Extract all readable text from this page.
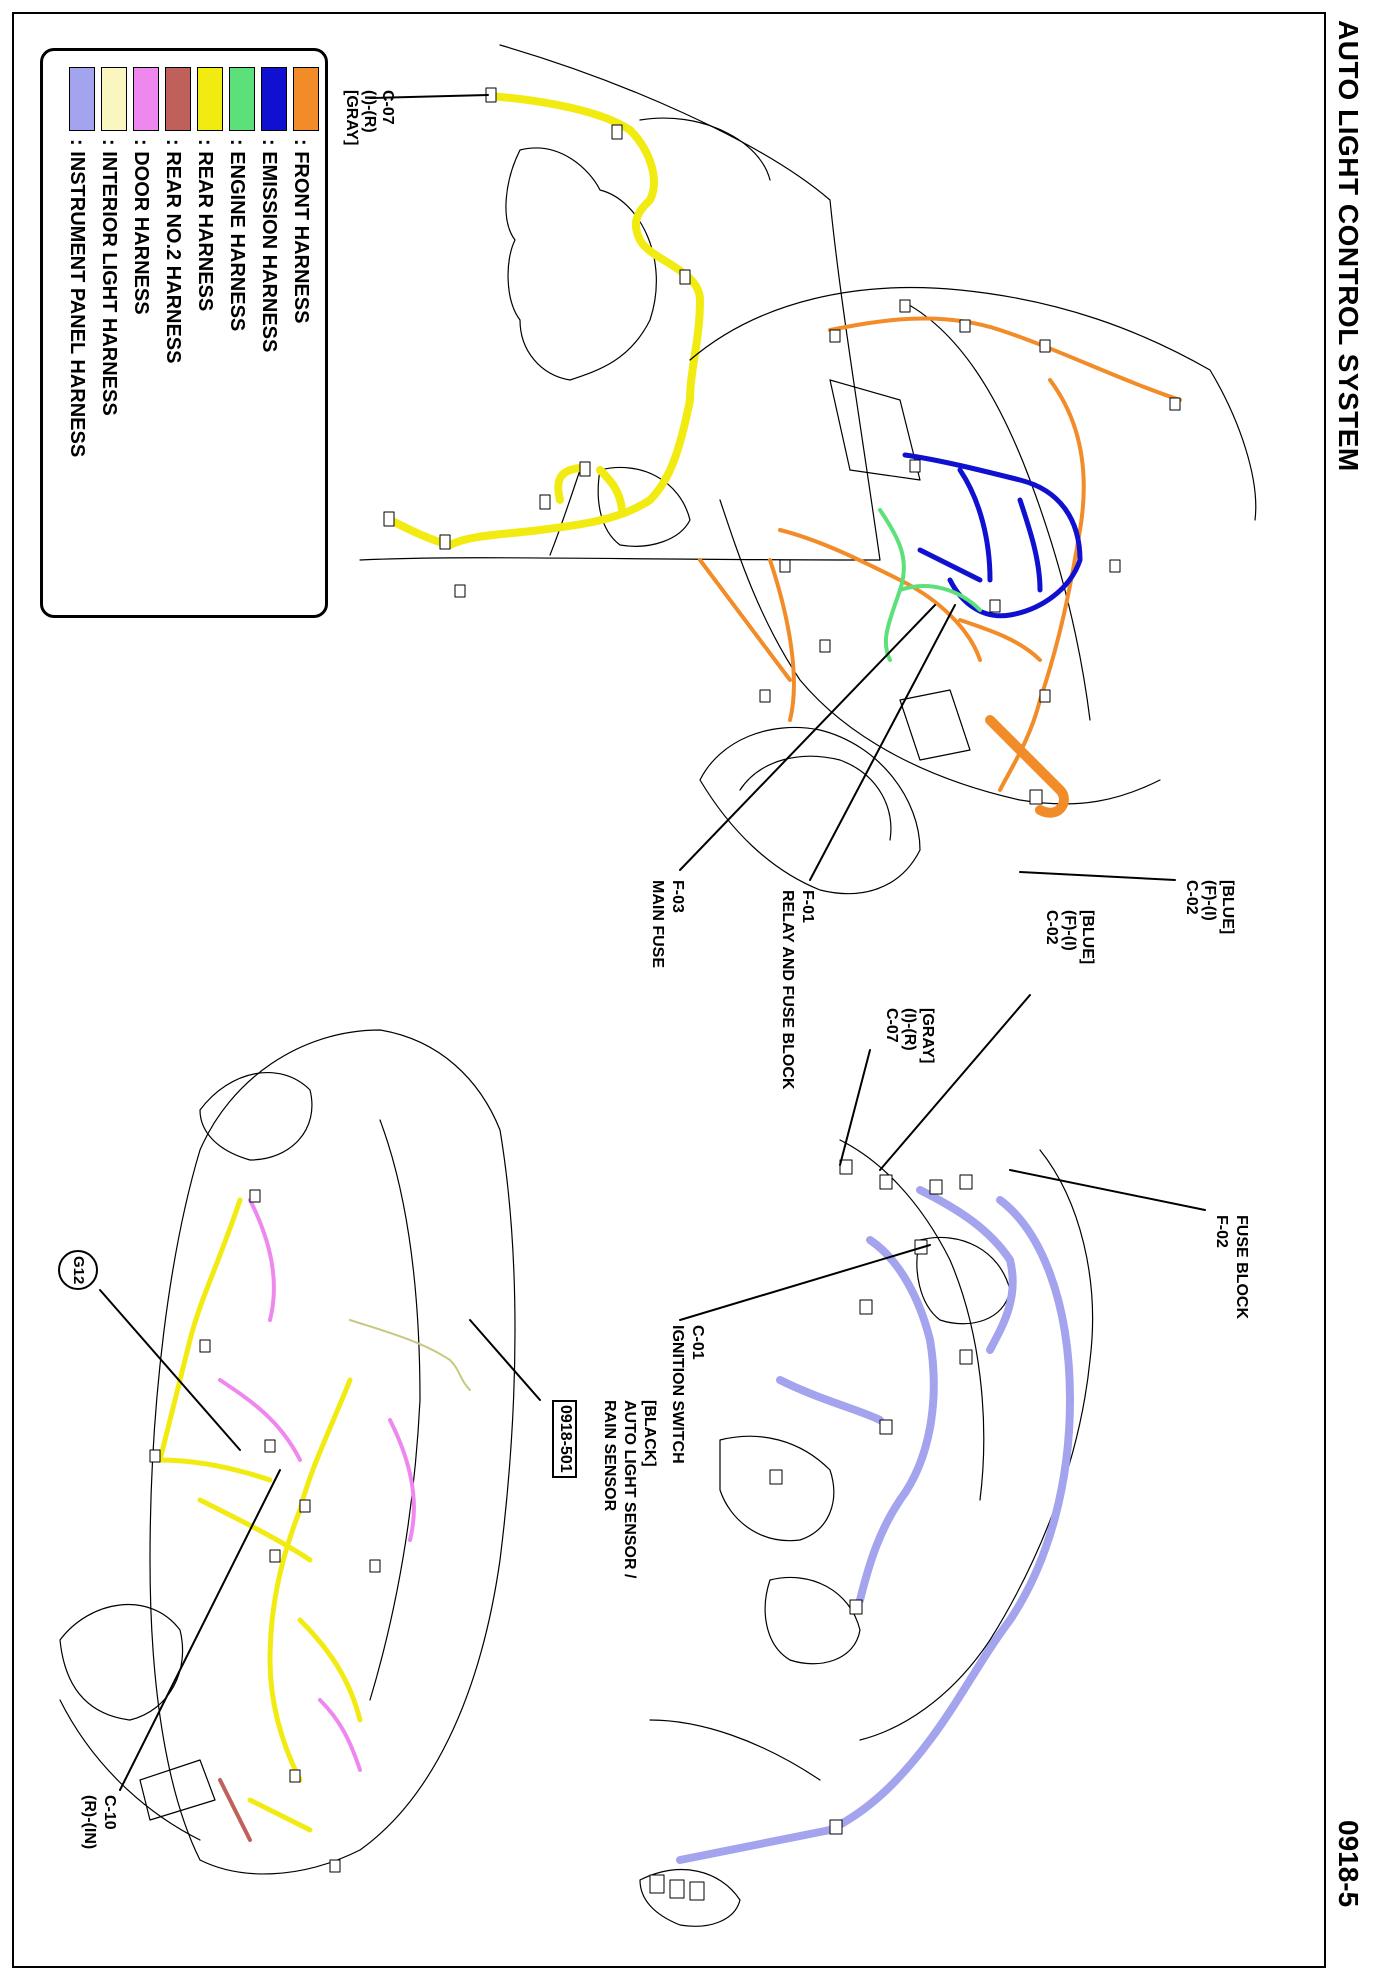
AUTO LIGHT CONTROL SYSTEM
0918-5
: FRONT HARNESS
: EMISSION HARNESS
: ENGINE HARNESS
: REAR HARNESS
: REAR NO.2 HARNESS
: DOOR HARNESS
: INTERIOR LIGHT HARNESS
: INSTRUMENT PANEL HARNESS
C-07
(I)-(R)
[GRAY]
F-03
MAIN FUSE	F-01
RELAY AND FUSE BLOCK	[BLUE]
(F)-(I)
C-02
[BLUE]
(F)-(I)
C-02
[GRAY]
(I)-(R)
C-07
FUSE BLOCK
F-02
C-01
IGNITION SWITCH
[BLACK]
AUTO LIGHT SENSOR /
RAIN SENSOR
0918-501
G12
C-10
(R)-(IN)
